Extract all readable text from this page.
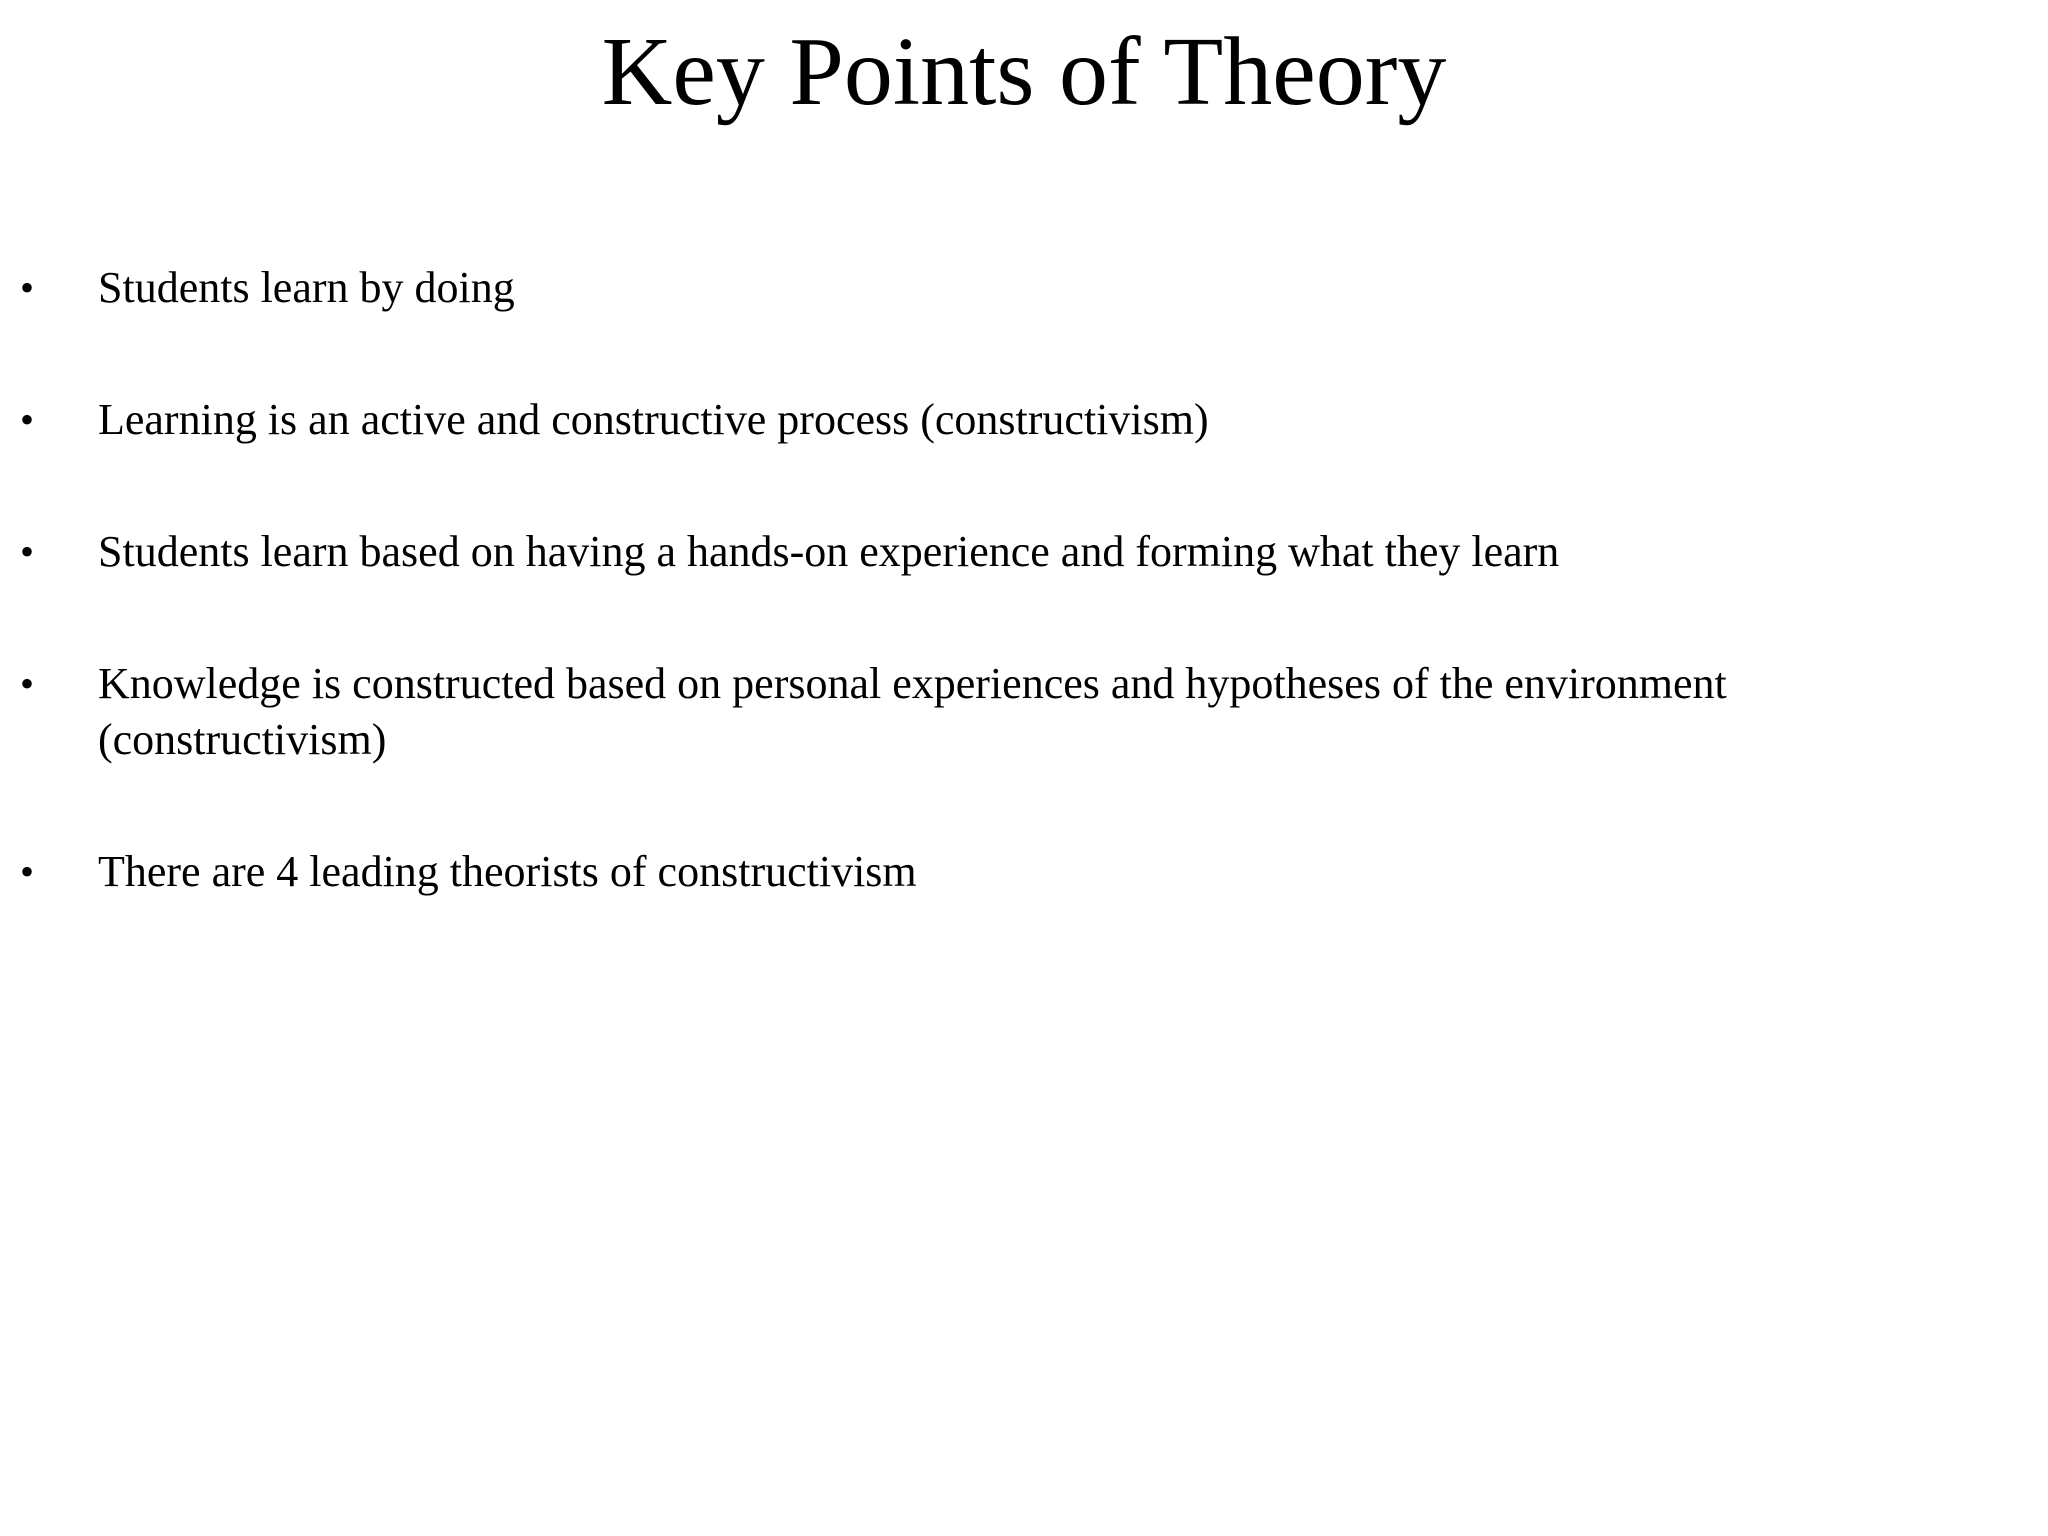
Key Points of Theory
• Students learn by doing
• Learning is an active and constructive process (constructivism)
• Students learn based on having a hands-on experience and forming what they learn
• Knowledge is constructed based on personal experiences and hypotheses of the environment (constructivism)
• There are 4 leading theorists of constructivism
